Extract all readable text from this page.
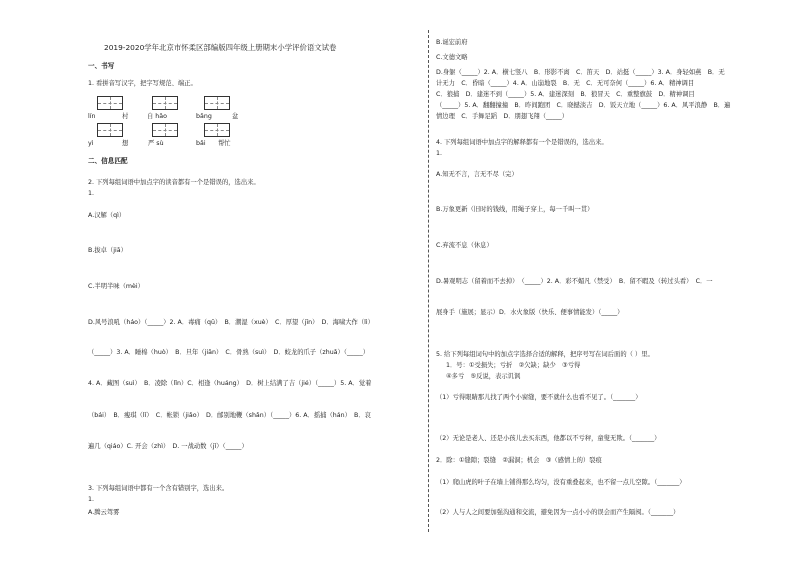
2019-2020学年北京市怀柔区部编版四年级上册期末小学评价语文试卷
一、书写
1. 看拼音写汉字，把字写规范、端正。
lín	村	自 hǎo	bǎng	盆
yì	想	严 sù	bǎi 帮忙
二、信息匹配
2. 下列每组词语中加点字的读音都有一个是错误的，选出来。
1.
A.汉解（qì）
B.拔卓（jiā）
C.半明半味（mèi）
D.风号浪吼（háo）（_____）2. A．毒痛（qū）　B．潮湿（xuè）　C．厚望（jīn）　D．海啸大作（lì）
（_____）3. A．睡棉（huò）　B．旦年（jiān）　C．骨熟（suì）　D．蛟龙的爪子（zhuǎ）（_____）
4. A．藏图（suì）　B．凌除（lǐn）C．相逢（huáng）　D．树上结满了吉（jié）（_____）5. A．觉着
（bái）　B．瘦琪（lǐ）　C．帐锁（jiǎo）　D．邮别地鞭（shǎn）（_____）6. A．摇捕（hán）　B．哀
遍几（qiáo）C. 开会（zhì）　D. 一战动数（jǐ）（_____）
3. 下列每组词语中都有一个含有错别字，选出来。
1.
A.腾云驾雾
B.诞宏前府
C.文德文略
D.身躯（_____）2. A．横七竖八　B．形影不离　C．笛天　D．站挺（_____）3. A．身轻如燕　B．无
计无力　C．昏暗（_____）4. A．山崩地裂　B．无　C．无可奈何（_____）6. A．精神调目
C．狼捕　D．建迷不到（_____）5. A．建迷深刻　B．狼冒天　C．重整旗鼓　D．精神调目
（_____）5. A．翻翻撞撞　B．昨间跑团　C．晓撼淡吉　D．饭天立地（_____）6. A．风平浪静　B．遍
情边理　C．手舞足蹈　D．朋翅飞翔（_____）
4. 下列每组词语中加点字的解释都有一个是错误的，选出来。
1.
A.知无不言，言无不尽（完）
B.万象更新（旧时的钱线，用绳子穿上，每一千叫一贯）
C.弃流不息（休息）
D.暑观明志（留着而不去掉）　（_____）2. A．彩不媚凡（禁受）　B．留不暇及（转过头看）　C．一
展身手（施展；显示）D．水火象版（快乐、便事情能发）（_____）
5. 给下列每组词句中的加点字选择合适的解释，把序号写在词后面的（ ）里。
1．号：①受损失；亏折　②欠缺；缺少　③亏得
④多亏　⑤反说，表示讥讽
（1）亏得眼睛那儿找了两个小窗缝，要不就什么也看不见了。（_______）
（2）无论是老人、还是小孩儿去买东西，他都以不亏秤，童叟无欺。（_______）
2．除：①缝隙；裂缝　②漏洞；机会　③（感情上的）裂痕
（1）爬山虎的叶子在墙上铺得那么均匀，没有重叠起来，也不留一点儿空隙。（_______）
（2）人与人之间要加强沟通和交流，避免因为一点小小的误会而产生隔阂。（_______）
